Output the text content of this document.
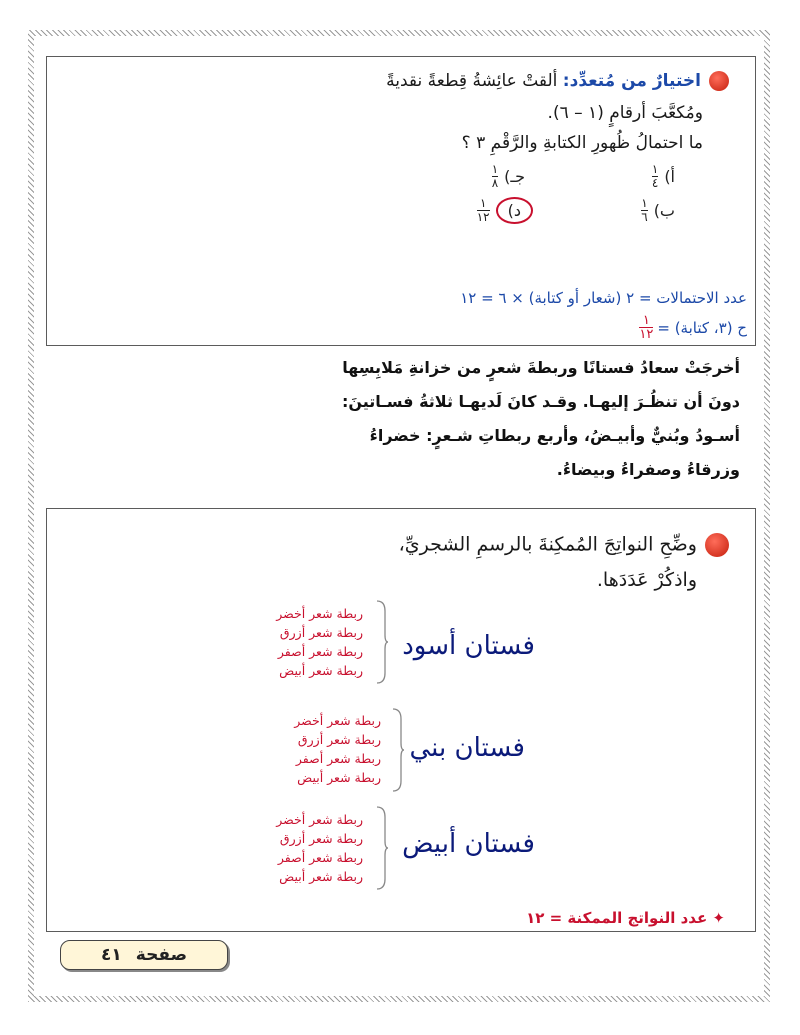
اختيارٌ من مُتعدِّد: ألقتْ عائِشةُ قِطعةً نقديةً
ومُكعَّبَ أرقامٍ (١ – ٦).
ما احتمالُ ظُهورِ الكتابةِ والرَّقْمِ ٣ ؟
أ)
$\frac{١}{٤}$
جـ)
$\frac{١}{٨}$
ب)
$\frac{١}{٦}$
د)
$\frac{١}{١٢}$
عدد الاحتمالات = ٢ (شعار أو كتابة) × ٦ = ١٢
ح (٣، كتابة) =
$\frac{١}{١٢}$
أخرجَتْ سعادُ فستانًا وربطةَ شعرٍ من خزانةِ مَلابِسِها
دونَ أن تنظُـرَ إليهـا. وقـد كانَ لَديهـا ثلاثةُ فسـاتينَ:
أسـودُ وبُنيٌّ وأبيـضُ، وأربع ربطاتِ شـعرٍ: خضراءُ
وزرقاءُ وصفراءُ وبيضاءُ.
وضِّحِ النواتِجَ المُمكِنةَ بالرسمِ الشجريِّ،
واذكُرْ عَدَدَها.
فستان أسود
ربطة شعر أخضر
ربطة شعر أزرق
ربطة شعر أصفر
ربطة شعر أبيض
فستان بني
ربطة شعر أخضر
ربطة شعر أزرق
ربطة شعر أصفر
ربطة شعر أبيض
فستان أبيض
ربطة شعر أخضر
ربطة شعر أزرق
ربطة شعر أصفر
ربطة شعر أبيض
✦ عدد النواتج الممكنة = ١٢
صفحة
٤١
